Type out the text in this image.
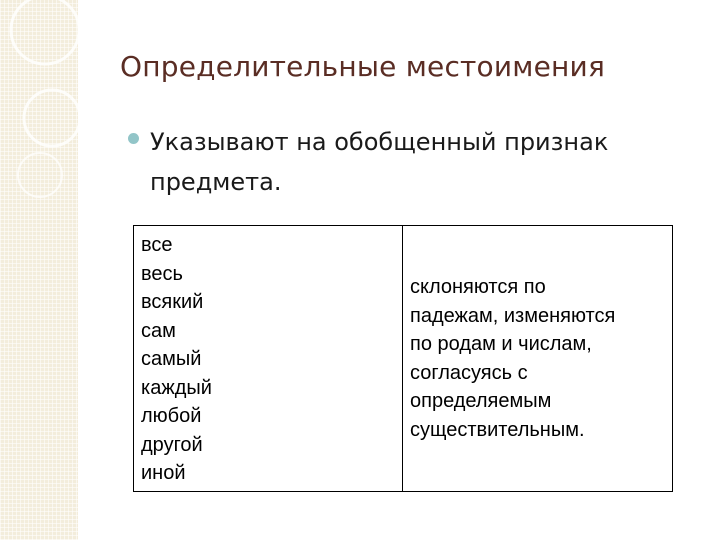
Определительные местоимения

Указывают на обобщенный признак предмета.

все
весь
всякий
сам
самый
каждый
любой
другой
иной

склоняются по

падежам, изменяются

по родам и числам,

согласуясь с

определяемым

существительным.
